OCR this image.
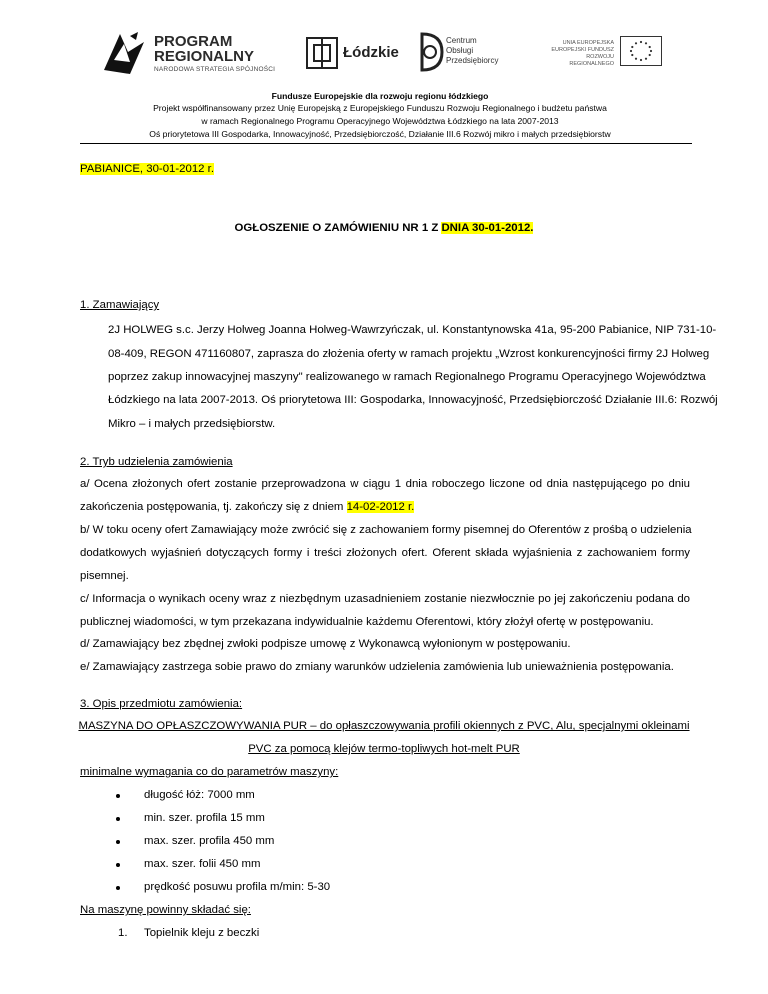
PROGRAM
REGIONALNY
NARODOWA STRATEGIA SPÓJNOŚCI
Łódzkie
Centrum
Obsługi
Przedsiębiorcy
UNIA EUROPEJSKA
EUROPEJSKI FUNDUSZ
ROZWOJU REGIONALNEGO
Fundusze Europejskie dla rozwoju regionu łódzkiego
Projekt współfinansowany przez Unię Europejską z Europejskiego Funduszu Rozwoju Regionalnego i budżetu państwa
w ramach Regionalnego Programu Operacyjnego Województwa Łódzkiego na lata 2007-2013
Oś priorytetowa III Gospodarka, Innowacyjność, Przedsiębiorczość, Działanie III.6 Rozwój mikro i małych przedsiębiorstw
PABIANICE, 30-01-2012 r.
OGŁOSZENIE O ZAMÓWIENIU NR 1 Z DNIA 30-01-2012.
1. Zamawiający
2J HOLWEG s.c. Jerzy Holweg Joanna Holweg-Wawrzyńczak, ul. Konstantynowska 41a, 95-200 Pabianice, NIP 731-10-
08-409, REGON 471160807, zaprasza do złożenia oferty w ramach projektu „Wzrost konkurencyjności firmy 2J Holweg
poprzez zakup innowacyjnej maszyny" realizowanego w ramach Regionalnego Programu Operacyjnego Województwa
Łódzkiego na lata 2007-2013. Oś priorytetowa III: Gospodarka, Innowacyjność, Przedsiębiorczość Działanie III.6: Rozwój
Mikro – i małych przedsiębiorstw.
2. Tryb udzielenia zamówienia
a/ Ocena złożonych ofert zostanie przeprowadzona w ciągu 1 dnia roboczego liczone od dnia następującego po dniu
zakończenia postępowania, tj. zakończy się z dniem 14-02-2012 r.
b/ W toku oceny ofert Zamawiający może zwrócić się z zachowaniem formy pisemnej do Oferentów z prośbą o udzielenia
dodatkowych wyjaśnień dotyczących formy i treści złożonych ofert. Oferent składa wyjaśnienia z zachowaniem formy
pisemnej.
c/ Informacja o wynikach oceny wraz z niezbędnym uzasadnieniem zostanie niezwłocznie po jej zakończeniu podana do
publicznej wiadomości, w tym przekazana indywidualnie każdemu Oferentowi, który złożył ofertę w postępowaniu.
d/ Zamawiający bez zbędnej zwłoki podpisze umowę z Wykonawcą wyłonionym w postępowaniu.
e/ Zamawiający zastrzega sobie prawo do zmiany warunków udzielenia zamówienia lub unieważnienia postępowania.
3. Opis przedmiotu zamówienia:
MASZYNA DO OPŁASZCZOWYWANIA PUR – do opłaszczowywania profili okiennych z PVC, Alu, specjalnymi okleinami
PVC za pomocą klejów termo-topliwych hot-melt PUR
minimalne wymagania co do parametrów maszyny:
długość łóż: 7000 mm
min. szer. profila 15 mm
max. szer. profila 450 mm
max. szer. folii 450 mm
prędkość posuwu profila m/min: 5-30
Na maszynę powinny składać się:
1. Topielnik kleju z beczki
